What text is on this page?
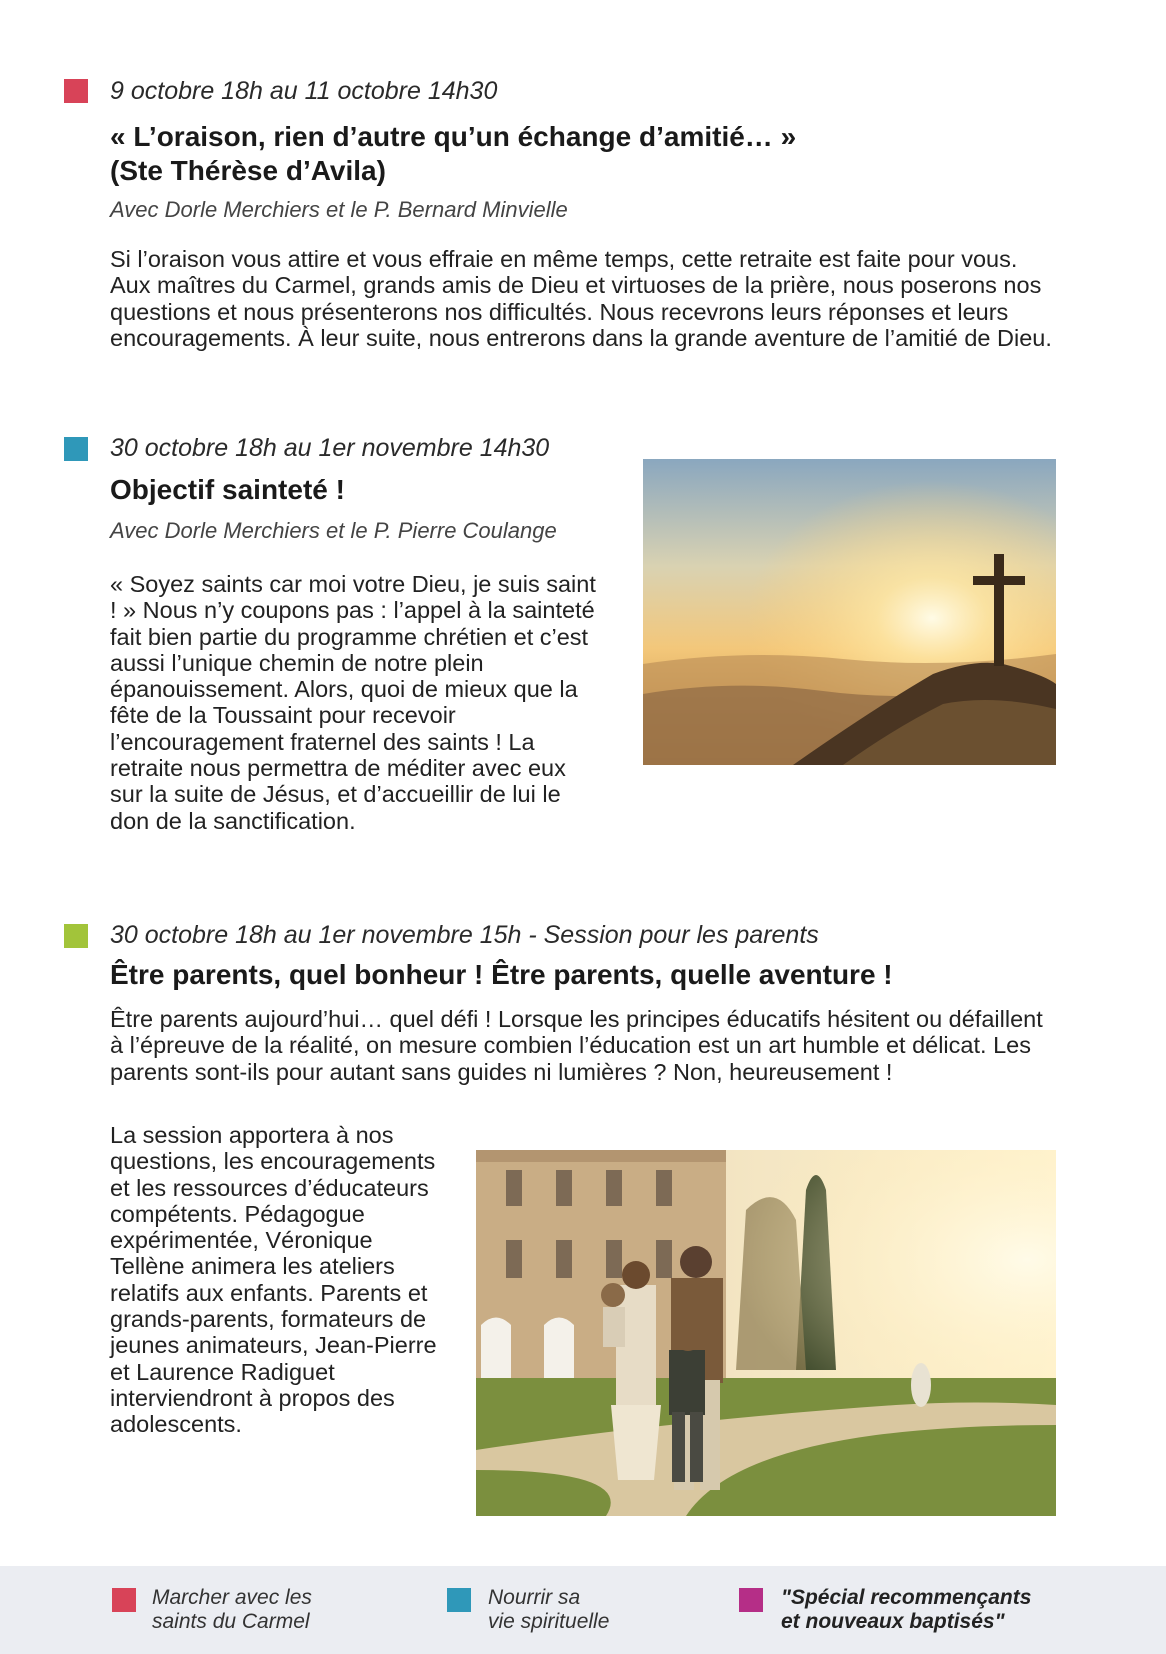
9 octobre 18h au 11 octobre 14h30

« L’oraison, rien d’autre qu’un échange d’amitié… »
(Ste Thérèse d’Avila)

Avec Dorle Merchiers et le P. Bernard Minvielle

Si l’oraison vous attire et vous effraie en même temps, cette retraite est faite pour vous. Aux maîtres du Carmel, grands amis de Dieu et virtuoses de la prière, nous poserons nos questions et nous présenterons nos difficultés. Nous recevrons leurs réponses et leurs encouragements. À leur suite, nous entrerons dans la grande aventure de l’amitié de Dieu.

30 octobre 18h au 1er novembre 14h30

Objectif sainteté !

Avec Dorle Merchiers et le P. Pierre Coulange

« Soyez saints car moi votre Dieu, je suis saint ! » Nous n’y coupons pas : l’appel à la sainteté fait bien partie du programme chrétien et c’est aussi l’unique chemin de notre plein épanouissement. Alors, quoi de mieux que la fête de la Toussaint pour recevoir l’encouragement fraternel des saints ! La retraite nous permettra de méditer avec eux sur la suite de Jésus, et d’accueillir de lui le don de la sanctification.

30 octobre 18h au 1er novembre 15h - Session pour les parents

Être parents, quel bonheur ! Être parents, quelle aventure !

Être parents aujourd’hui… quel défi ! Lorsque les principes éducatifs hésitent ou défaillent à l’épreuve de la réalité, on mesure combien l’éducation est un art humble et délicat. Les parents sont-ils pour autant sans guides ni lumières ? Non, heureusement !

La session apportera à nos questions, les encouragements et les ressources d’éducateurs compétents. Pédagogue expérimentée, Véronique Tellène animera les ateliers relatifs aux enfants. Parents et grands-parents, formateurs de jeunes animateurs, Jean-Pierre et Laurence Radiguet interviendront à propos des adolescents.

Marcher avec les
saints du Carmel

Nourrir sa
vie spirituelle

"Spécial recommençants
et nouveaux baptisés"
